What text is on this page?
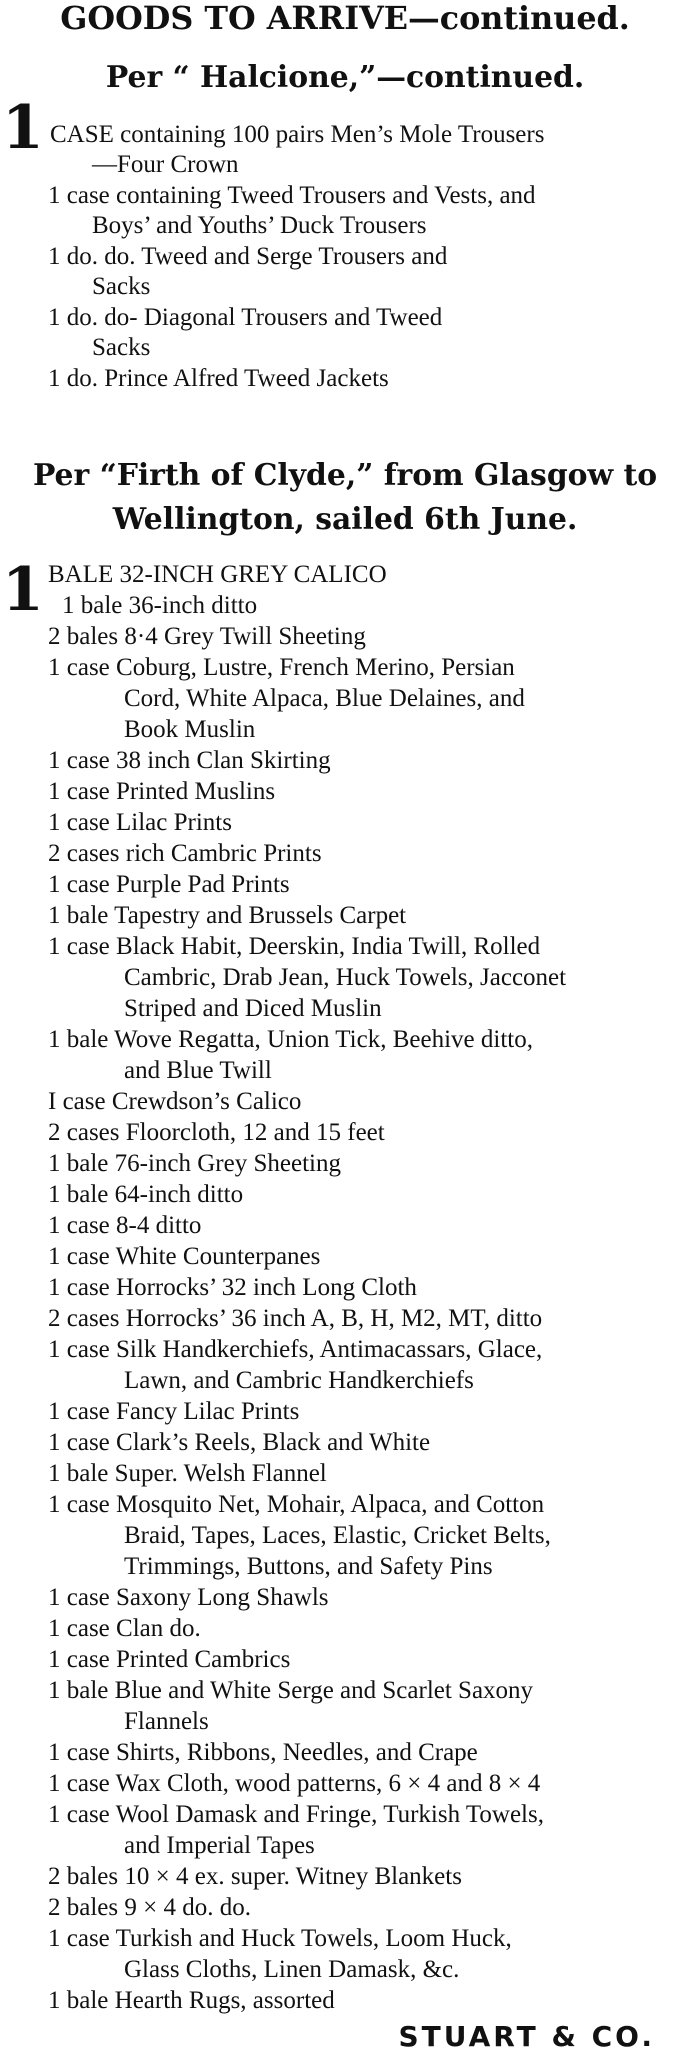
GOODS TO ARRIVE—continued.
Per “ Halcione,”—continued.
1 CASE containing 100 pairs Men’s Mole Trousers
—Four Crown
1 case containing Tweed Trousers and Vests, and
Boys’ and Youths’ Duck Trousers
1 do. do. Tweed and Serge Trousers and
Sacks
1 do. do- Diagonal Trousers and Tweed
Sacks
1 do. Prince Alfred Tweed Jackets
Per “Firth of Clyde,” from Glasgow to
Wellington, sailed 6th June.
1 BALE 32-INCH GREY CALICO
1 bale 36-inch ditto
2 bales 8·4 Grey Twill Sheeting
1 case Coburg, Lustre, French Merino, Persian
Cord, White Alpaca, Blue Delaines, and
Book Muslin
1 case 38 inch Clan Skirting
1 case Printed Muslins
1 case Lilac Prints
2 cases rich Cambric Prints
1 case Purple Pad Prints
1 bale Tapestry and Brussels Carpet
1 case Black Habit, Deerskin, India Twill, Rolled
Cambric, Drab Jean, Huck Towels, Jacconet
Striped and Diced Muslin
1 bale Wove Regatta, Union Tick, Beehive ditto,
and Blue Twill
I case Crewdson’s Calico
2 cases Floorcloth, 12 and 15 feet
1 bale 76-inch Grey Sheeting
1 bale 64-inch ditto
1 case 8-4 ditto
1 case White Counterpanes
1 case Horrocks’ 32 inch Long Cloth
2 cases Horrocks’ 36 inch A, B, H, M2, MT, ditto
1 case Silk Handkerchiefs, Antimacassars, Glace,
Lawn, and Cambric Handkerchiefs
1 case Fancy Lilac Prints
1 case Clark’s Reels, Black and White
1 bale Super. Welsh Flannel
1 case Mosquito Net, Mohair, Alpaca, and Cotton
Braid, Tapes, Laces, Elastic, Cricket Belts,
Trimmings, Buttons, and Safety Pins
1 case Saxony Long Shawls
1 case Clan do.
1 case Printed Cambrics
1 bale Blue and White Serge and Scarlet Saxony
Flannels
1 case Shirts, Ribbons, Needles, and Crape
1 case Wax Cloth, wood patterns, 6 × 4 and 8 × 4
1 case Wool Damask and Fringe, Turkish Towels,
and Imperial Tapes
2 bales 10 × 4 ex. super. Witney Blankets
2 bales 9 × 4 do. do.
1 case Turkish and Huck Towels, Loom Huck,
Glass Cloths, Linen Damask, &c.
1 bale Hearth Rugs, assorted
STUART & CO.
